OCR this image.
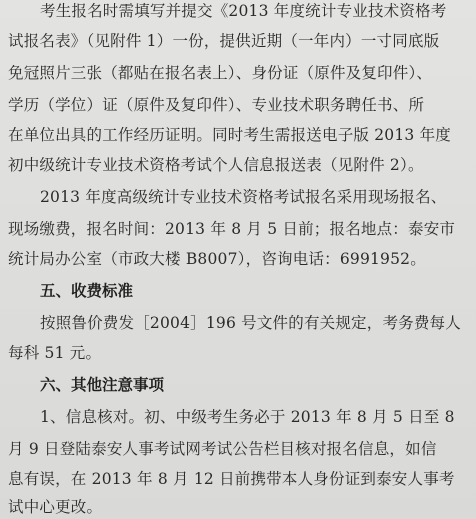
考生报名时需填写并提交《2013 年度统计专业技术资格考
试报名表》（见附件 1）一份，提供近期（一年内）一寸同底版
免冠照片三张（都贴在报名表上）、身份证（原件及复印件）、
学历（学位）证（原件及复印件）、专业技术职务聘任书、所
在单位出具的工作经历证明。同时考生需报送电子版 2013 年度
初中级统计专业技术资格考试个人信息报送表（见附件 2）。
2013 年度高级统计专业技术资格考试报名采用现场报名、
现场缴费，报名时间：2013 年 8 月 5 日前；报名地点：泰安市
统计局办公室（市政大楼 B8007），咨询电话：6991952。
五、收费标准
按照鲁价费发［2004］196 号文件的有关规定，考务费每人
每科 51 元。
六、其他注意事项
1、信息核对。初、中级考生务必于 2013 年 8 月 5 日至 8
月 9 日登陆泰安人事考试网考试公告栏目核对报名信息，如信
息有误，在 2013 年 8 月 12 日前携带本人身份证到泰安人事考
试中心更改。
